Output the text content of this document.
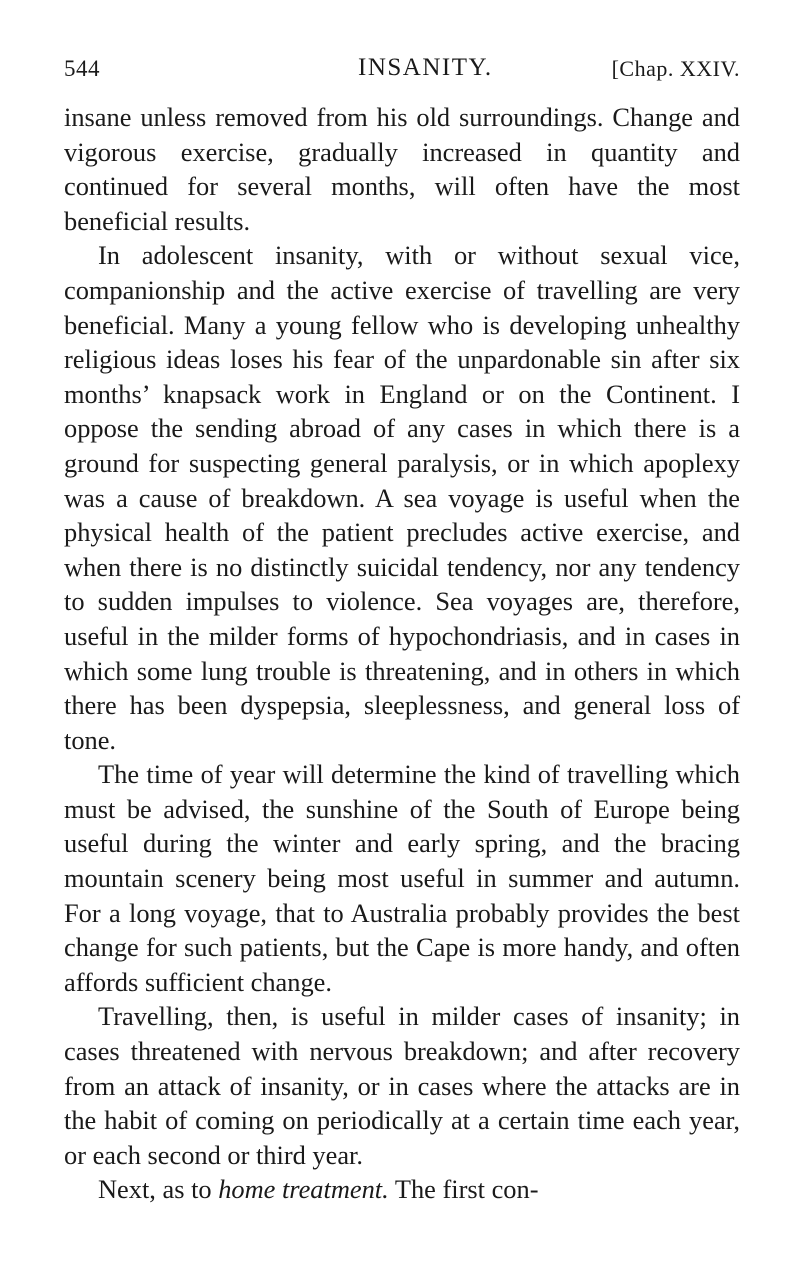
544	INSANITY.	[Chap. XXIV.

insane unless removed from his old surroundings. Change and vigorous exercise, gradually increased in quantity and continued for several months, will often have the most beneficial results.

In adolescent insanity, with or without sexual vice, companionship and the active exercise of travelling are very beneficial. Many a young fellow who is developing unhealthy religious ideas loses his fear of the unpardonable sin after six months’ knapsack work in England or on the Continent. I oppose the sending abroad of any cases in which there is a ground for suspecting general paralysis, or in which apoplexy was a cause of breakdown. A sea voyage is useful when the physical health of the patient precludes active exercise, and when there is no distinctly suicidal tendency, nor any tendency to sudden impulses to violence. Sea voyages are, therefore, useful in the milder forms of hypochondriasis, and in cases in which some lung trouble is threatening, and in others in which there has been dyspepsia, sleeplessness, and general loss of tone.

The time of year will determine the kind of travelling which must be advised, the sunshine of the South of Europe being useful during the winter and early spring, and the bracing mountain scenery being most useful in summer and autumn. For a long voyage, that to Australia probably provides the best change for such patients, but the Cape is more handy, and often affords sufficient change.

Travelling, then, is useful in milder cases of insanity; in cases threatened with nervous breakdown; and after recovery from an attack of insanity, or in cases where the attacks are in the habit of coming on periodically at a certain time each year, or each second or third year.

Next, as to home treatment. The first con-
